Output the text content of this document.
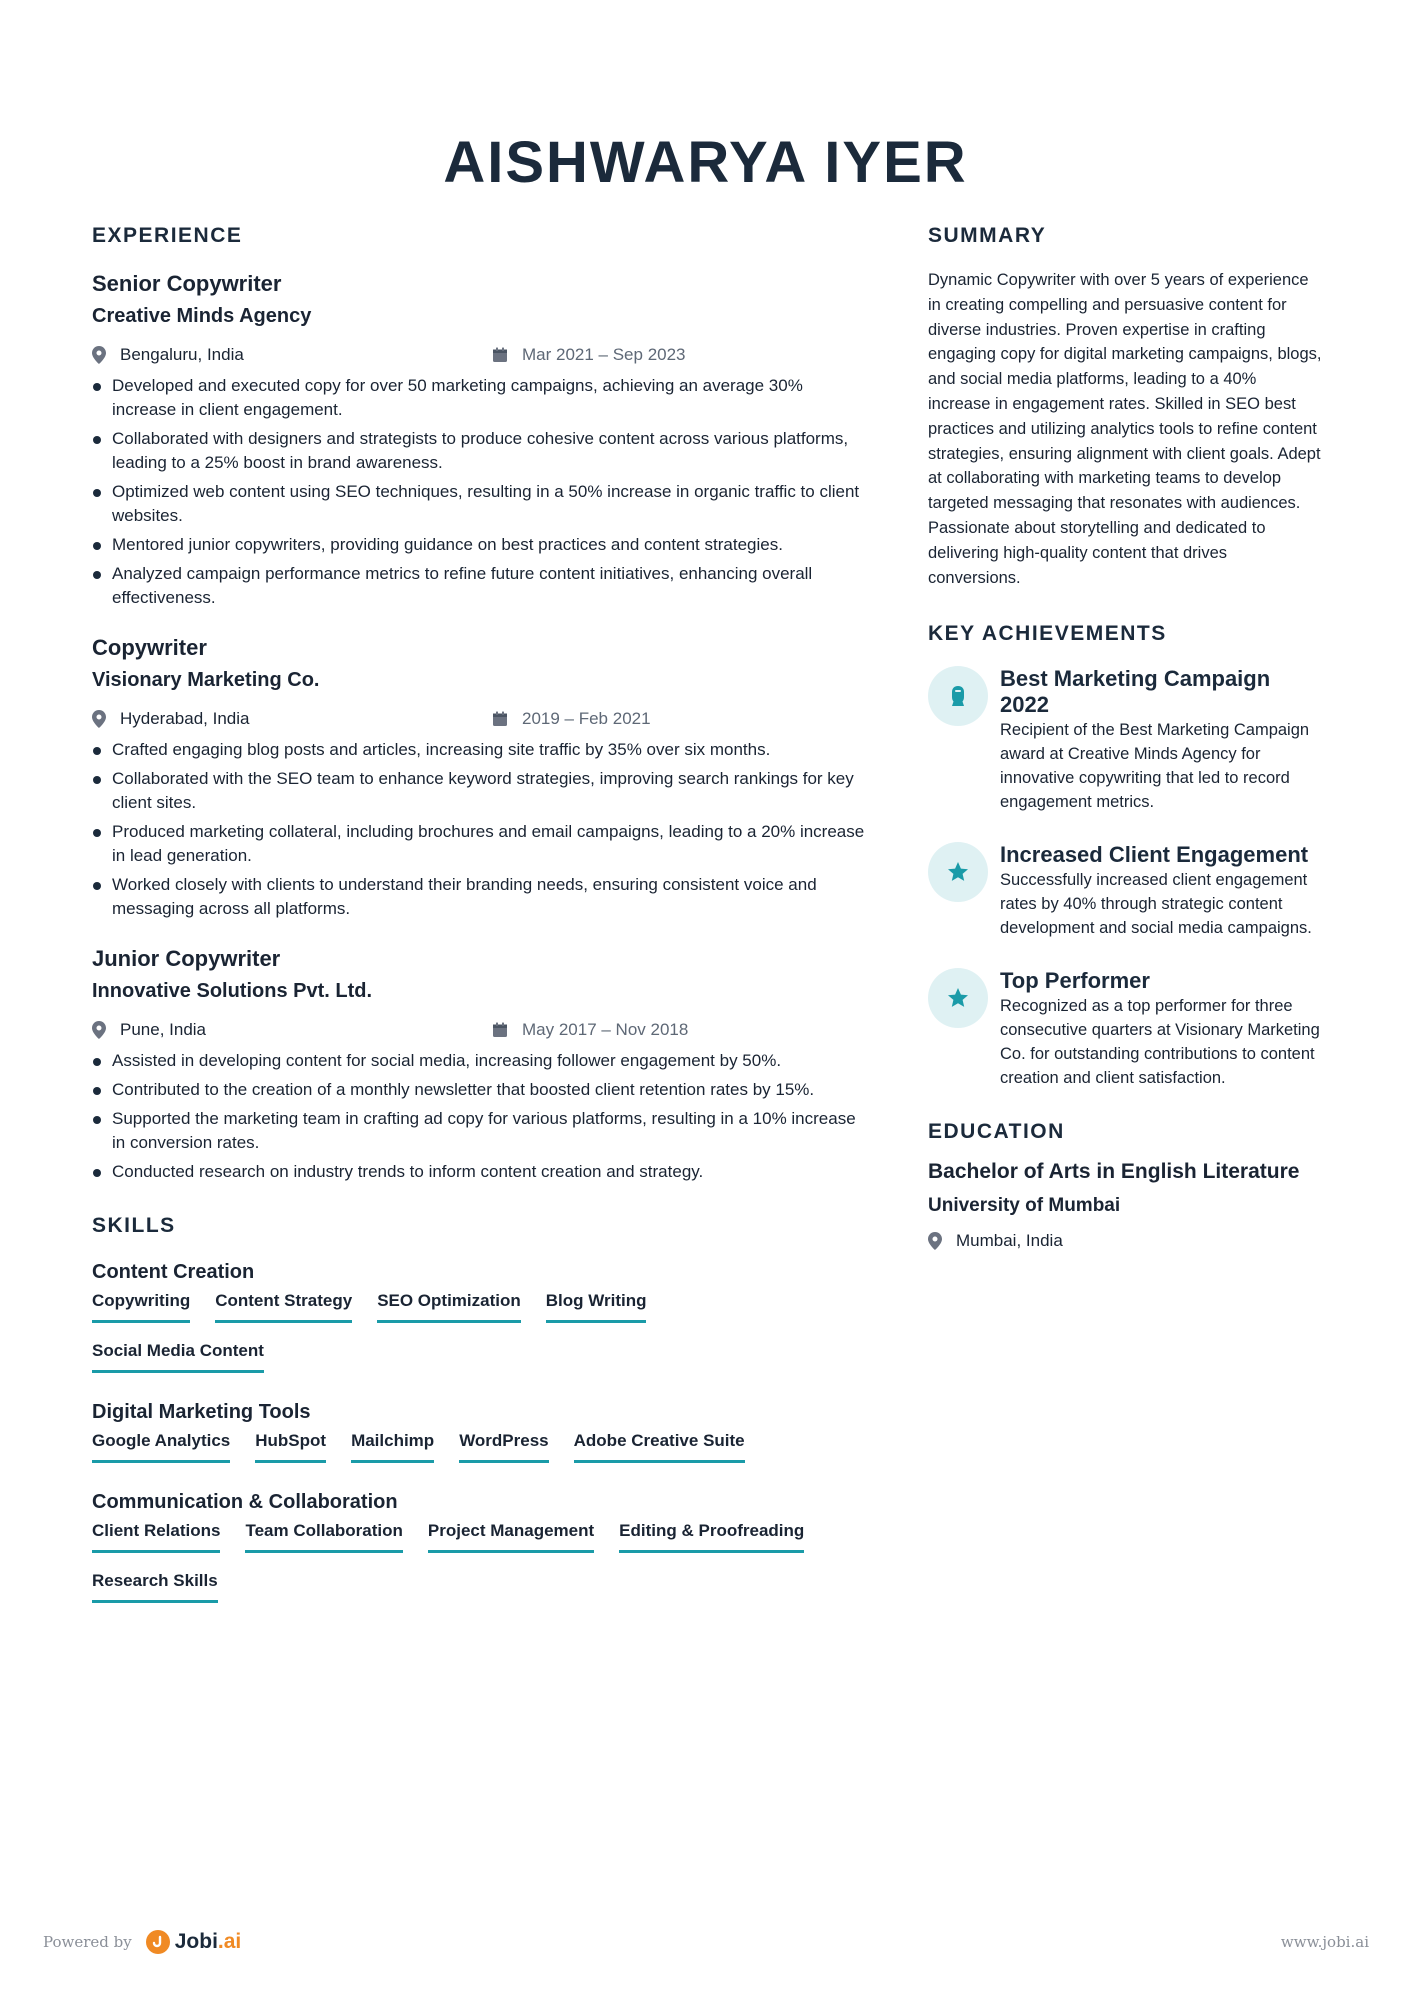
AISHWARYA IYER
EXPERIENCE

Senior Copywriter

Creative Minds Agency

Bengaluru, India	Mar 2021 – Sep 2023
Developed and executed copy for over 50 marketing campaigns, achieving an average 30% increase in client engagement.
Collaborated with designers and strategists to produce cohesive content across various platforms, leading to a 25% boost in brand awareness.
Optimized web content using SEO techniques, resulting in a 50% increase in organic traffic to client websites.
Mentored junior copywriters, providing guidance on best practices and content strategies.
Analyzed campaign performance metrics to refine future content initiatives, enhancing overall effectiveness.

Copywriter

Visionary Marketing Co.

Hyderabad, India	2019 – Feb 2021
Crafted engaging blog posts and articles, increasing site traffic by 35% over six months.
Collaborated with the SEO team to enhance keyword strategies, improving search rankings for key client sites.
Produced marketing collateral, including brochures and email campaigns, leading to a 20% increase in lead generation.
Worked closely with clients to understand their branding needs, ensuring consistent voice and messaging across all platforms.

Junior Copywriter

Innovative Solutions Pvt. Ltd.

Pune, India	May 2017 – Nov 2018
Assisted in developing content for social media, increasing follower engagement by 50%.
Contributed to the creation of a monthly newsletter that boosted client retention rates by 15%.
Supported the marketing team in crafting ad copy for various platforms, resulting in a 10% increase in conversion rates.
Conducted research on industry trends to inform content creation and strategy.
SKILLS

Content Creation

Copywriting Content Strategy SEO Optimization Blog Writing
Social Media Content

Digital Marketing Tools

Google Analytics HubSpot Mailchimp WordPress Adobe Creative Suite

Communication & Collaboration

Client Relations Team Collaboration Project Management Editing & Proofreading
Research Skills
SUMMARY

Dynamic Copywriter with over 5 years of experience in creating compelling and persuasive content for diverse industries. Proven expertise in crafting engaging copy for digital marketing campaigns, blogs, and social media platforms, leading to a 40% increase in engagement rates. Skilled in SEO best practices and utilizing analytics tools to refine content strategies, ensuring alignment with client goals. Adept at collaborating with marketing teams to develop targeted messaging that resonates with audiences. Passionate about storytelling and dedicated to delivering high-quality content that drives conversions.

KEY ACHIEVEMENTS

Best Marketing Campaign 2022

Recipient of the Best Marketing Campaign award at Creative Minds Agency for innovative copywriting that led to record engagement metrics.

Increased Client Engagement

Successfully increased client engagement rates by 40% through strategic content development and social media campaigns.

Top Performer

Recognized as a top performer for three consecutive quarters at Visionary Marketing Co. for outstanding contributions to content creation and client satisfaction.

EDUCATION

Bachelor of Arts in English Literature

University of Mumbai

Mumbai, India
Powered by Jobi .ai	www.jobi.ai
